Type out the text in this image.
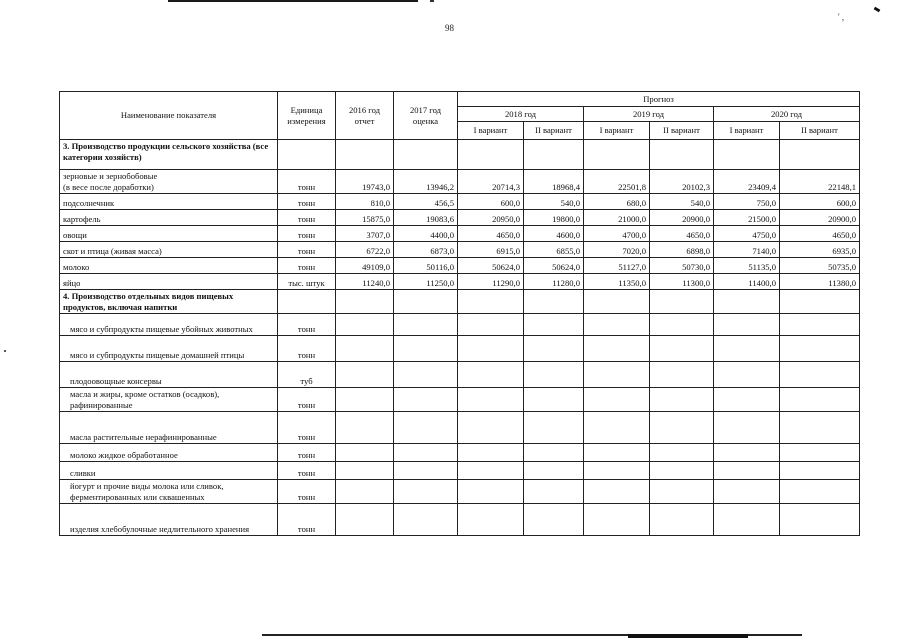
' ,
98
Наименование показателя	Единица измерения	2016 год отчет	2017 год оценка	Прогноз					
				2018 год		2019 год		2020 год	
				I вариант	II вариант	I вариант	II вариант	I вариант	II вариант
3. Производство продукции сельского хозяйства (все категории хозяйств)									
зерновые и зернобобовые
(в весе после доработки)	тонн	19743,0	13946,2	20714,3	18968,4	22501,8	20102,3	23409,4	22148,1
подсолнечник	тонн	810,0	456,5	600,0	540,0	680,0	540,0	750,0	600,0
картофель	тонн	15875,0	19083,6	20950,0	19800,0	21000,0	20900,0	21500,0	20900,0
овощи	тонн	3707,0	4400,0	4650,0	4600,0	4700,0	4650,0	4750,0	4650,0
скот и птица (живая масса)	тонн	6722,0	6873,0	6915,0	6855,0	7020,0	6898,0	7140,0	6935,0
молоко	тонн	49109,0	50116,0	50624,0	50624,0	51127,0	50730,0	51135,0	50735,0
яйцо	тыс. штук	11240,0	11250,0	11290,0	11280,0	11350,0	11300,0	11400,0	11380,0
4. Производство отдельных видов пищевых продуктов, включая напитки									
мясо и субпродукты пищевые убойных животных	тонн								
мясо и субпродукты пищевые домашней птицы	тонн								
плодоовощные консервы	туб								
масла и жиры, кроме остатков (осадков), рафинированные	тонн								
масла растительные нерафинированные	тонн								
молоко жидкое обработанное	тонн								
сливки	тонн								
йогурт и прочие виды молока или сливок, ферментированных или сквашенных	тонн								
изделия хлебобулочные недлительного хранения	тонн								
